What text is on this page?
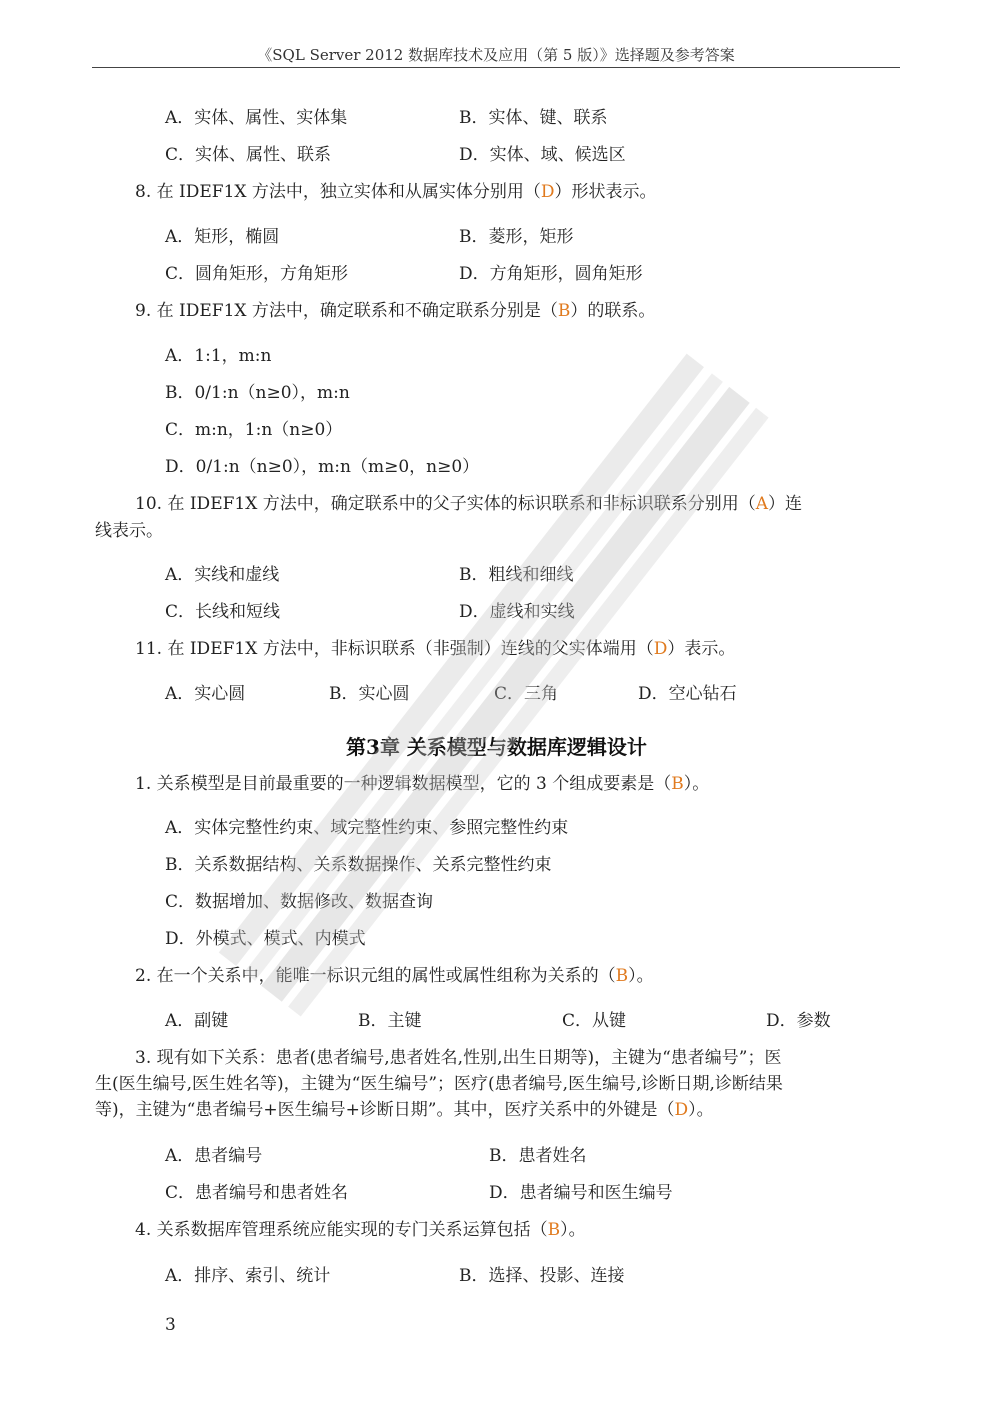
《SQL Server 2012 数据库技术及应用（第 5 版）》选择题及参考答案
A．实体、属性、实体集	B．实体、键、联系
C．实体、属性、联系	D．实体、域、候选区
8. 在 IDEF1X 方法中，独立实体和从属实体分别用（D）形状表示。
A．矩形，椭圆	B．菱形，矩形
C．圆角矩形，方角矩形	D．方角矩形，圆角矩形
9. 在 IDEF1X 方法中，确定联系和不确定联系分别是（B）的联系。
A．1:1，m:n
B．0/1:n（n≥0），m:n
C．m:n，1:n（n≥0）
D．0/1:n（n≥0），m:n（m≥0，n≥0）
10. 在 IDEF1X 方法中，确定联系中的父子实体的标识联系和非标识联系分别用（A）连
线表示。
A．实线和虚线	B．粗线和细线
C．长线和短线	D．虚线和实线
11. 在 IDEF1X 方法中，非标识联系（非强制）连线的父实体端用（D）表示。
A．实心圆	B．实心圆	C．三角	D．空心钻石
第3章 关系模型与数据库逻辑设计
1. 关系模型是目前最重要的一种逻辑数据模型，它的 3 个组成要素是（B）。
A．实体完整性约束、域完整性约束、参照完整性约束
B．关系数据结构、关系数据操作、关系完整性约束
C．数据增加、数据修改、数据查询
D．外模式、模式、内模式
2. 在一个关系中，能唯一标识元组的属性或属性组称为关系的（B）。
A．副键	B．主键	C．从键	D．参数
3. 现有如下关系：患者(患者编号,患者姓名,性别,出生日期等)，主键为“患者编号”；医
生(医生编号,医生姓名等)，主键为“医生编号”；医疗(患者编号,医生编号,诊断日期,诊断结果
等)，主键为“患者编号+医生编号+诊断日期”。其中，医疗关系中的外键是（D）。
A．患者编号	B．患者姓名
C．患者编号和患者姓名	D．患者编号和医生编号
4. 关系数据库管理系统应能实现的专门关系运算包括（B）。
A．排序、索引、统计	B．选择、投影、连接
3
